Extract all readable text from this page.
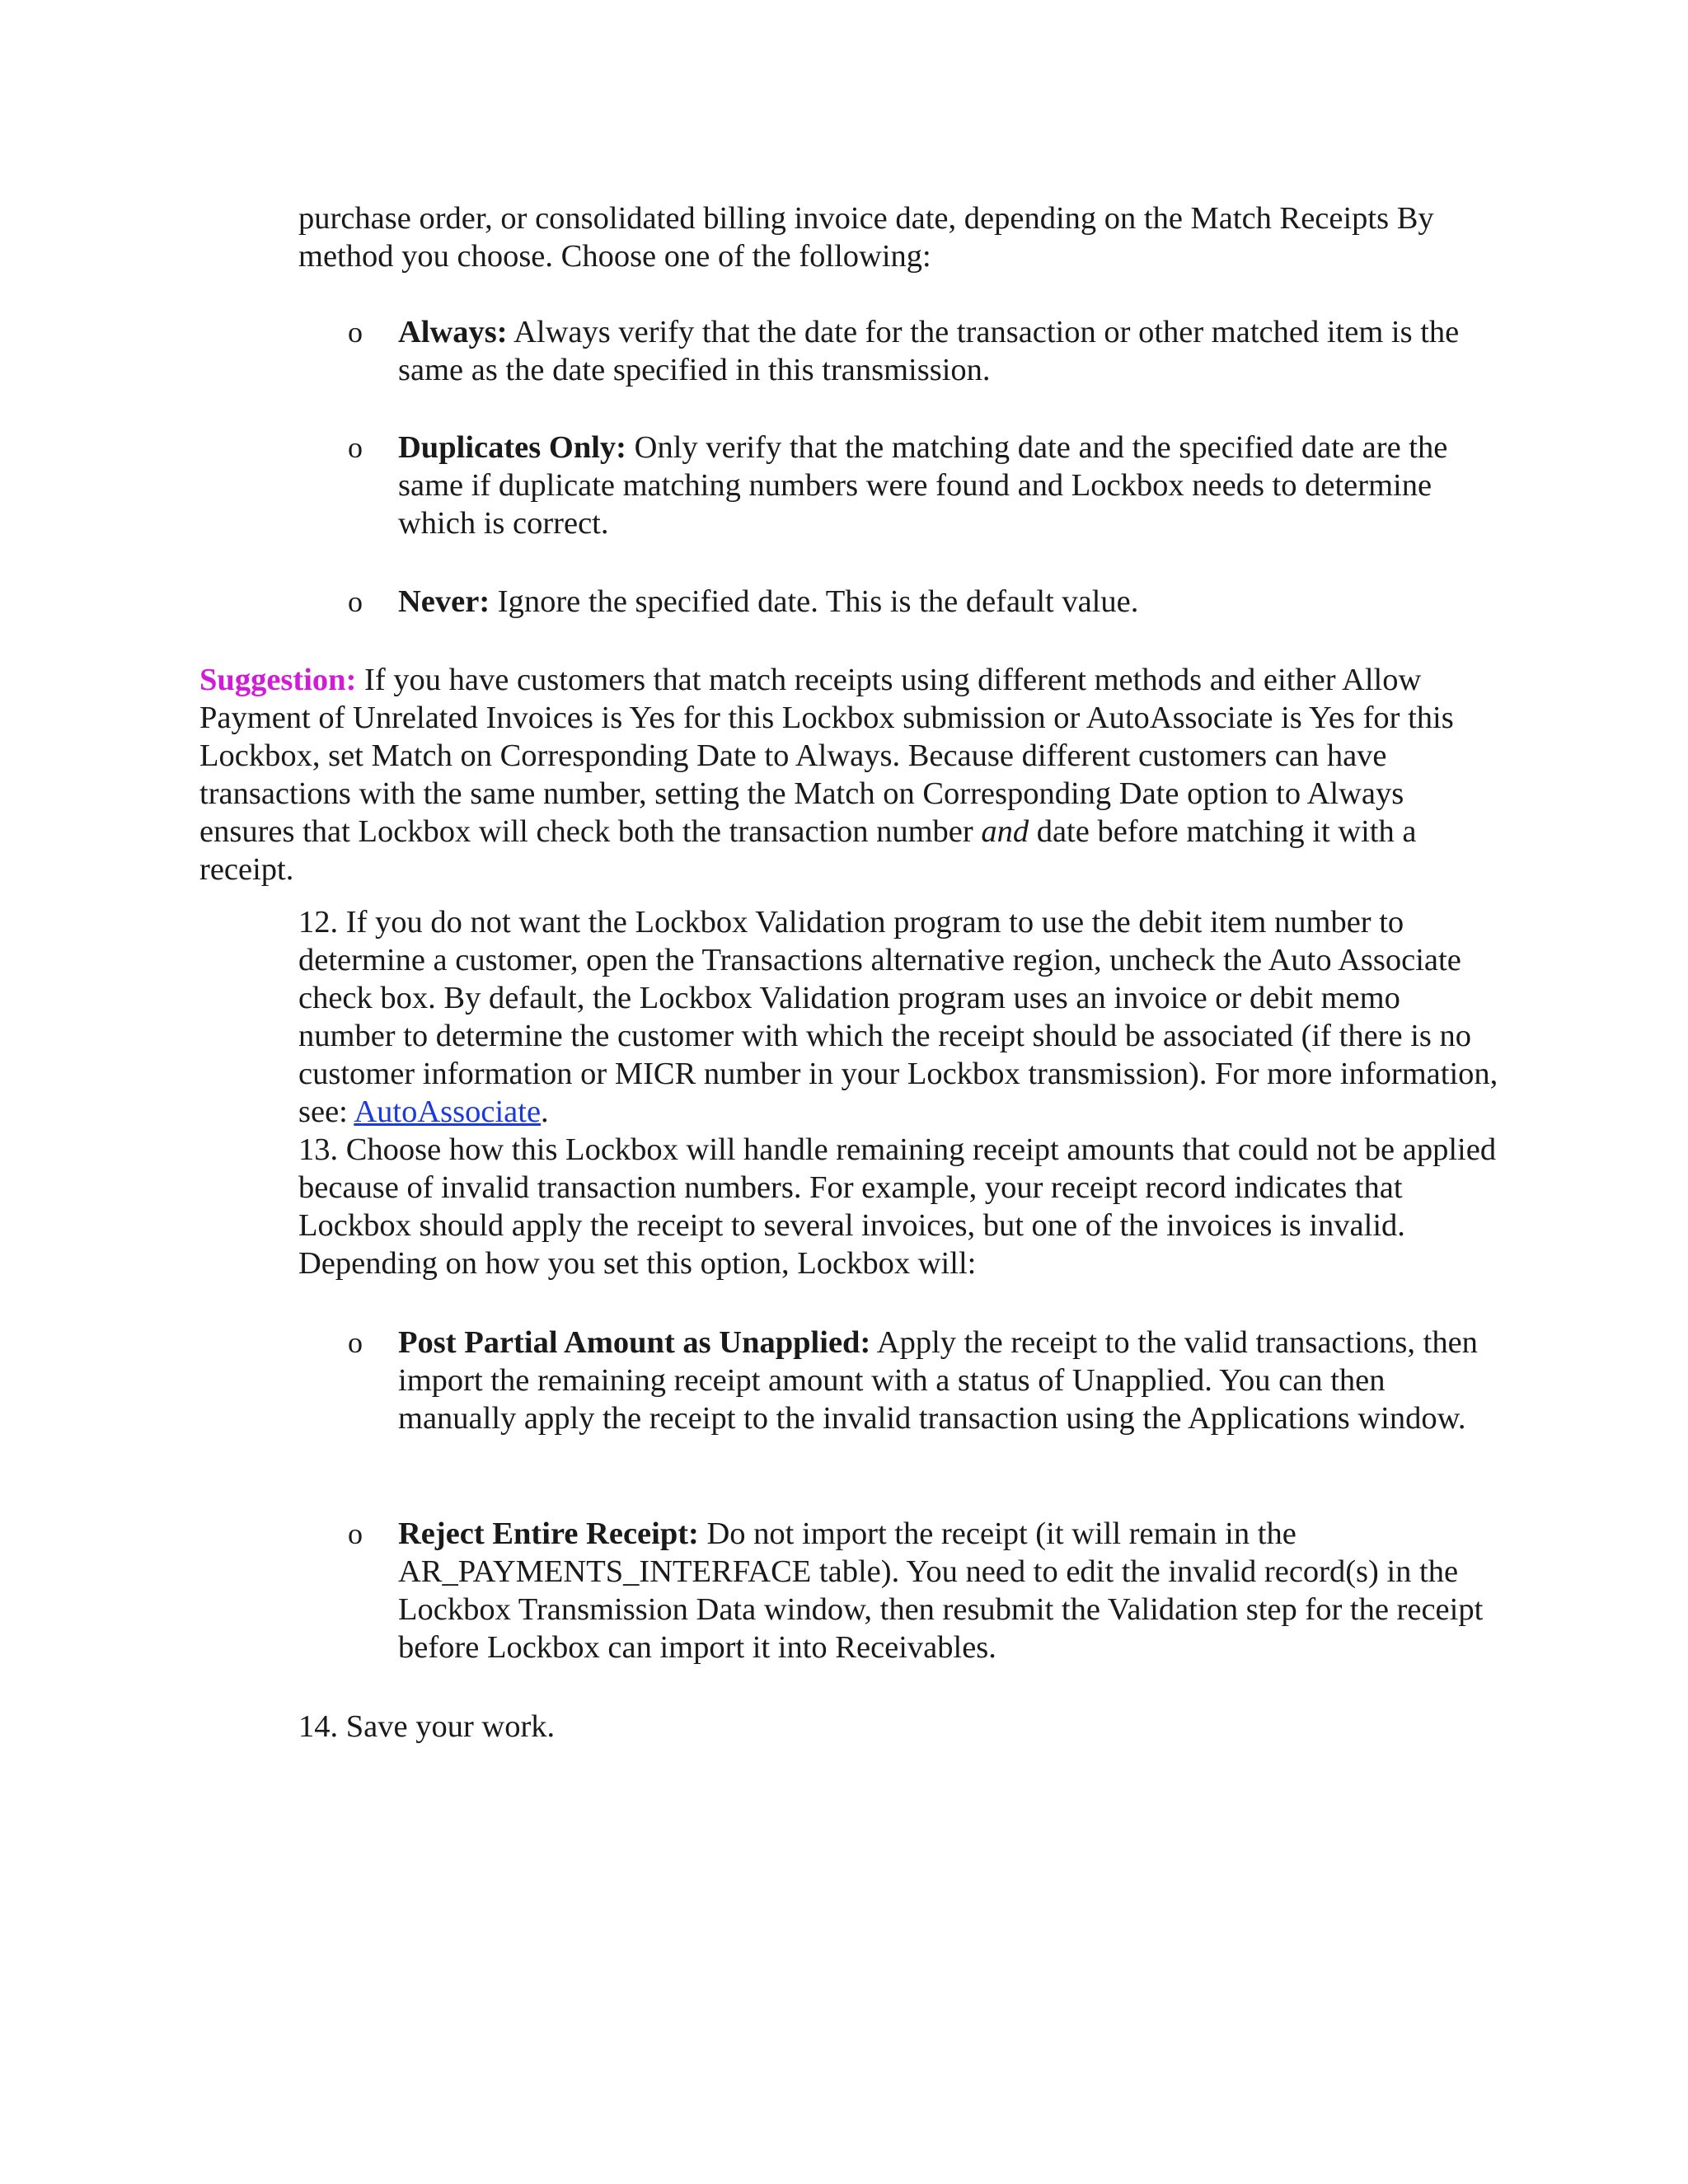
purchase order, or consolidated billing invoice date, depending on the Match Receipts By method you choose. Choose one of the following:

o Always: Always verify that the date for the transaction or other matched item is the same as the date specified in this transmission.

o Duplicates Only: Only verify that the matching date and the specified date are the same if duplicate matching numbers were found and Lockbox needs to determine which is correct.

o Never: Ignore the specified date. This is the default value.

Suggestion: If you have customers that match receipts using different methods and either Allow Payment of Unrelated Invoices is Yes for this Lockbox submission or AutoAssociate is Yes for this Lockbox, set Match on Corresponding Date to Always. Because different customers can have transactions with the same number, setting the Match on Corresponding Date option to Always ensures that Lockbox will check both the transaction number and date before matching it with a receipt.

12. If you do not want the Lockbox Validation program to use the debit item number to determine a customer, open the Transactions alternative region, uncheck the Auto Associate check box. By default, the Lockbox Validation program uses an invoice or debit memo number to determine the customer with which the receipt should be associated (if there is no customer information or MICR number in your Lockbox transmission). For more information, see: AutoAssociate.

13. Choose how this Lockbox will handle remaining receipt amounts that could not be applied because of invalid transaction numbers. For example, your receipt record indicates that Lockbox should apply the receipt to several invoices, but one of the invoices is invalid. Depending on how you set this option, Lockbox will:

o Post Partial Amount as Unapplied: Apply the receipt to the valid transactions, then import the remaining receipt amount with a status of Unapplied. You can then manually apply the receipt to the invalid transaction using the Applications window.

o Reject Entire Receipt: Do not import the receipt (it will remain in the AR_PAYMENTS_INTERFACE table). You need to edit the invalid record(s) in the Lockbox Transmission Data window, then resubmit the Validation step for the receipt before Lockbox can import it into Receivables.

14. Save your work.
